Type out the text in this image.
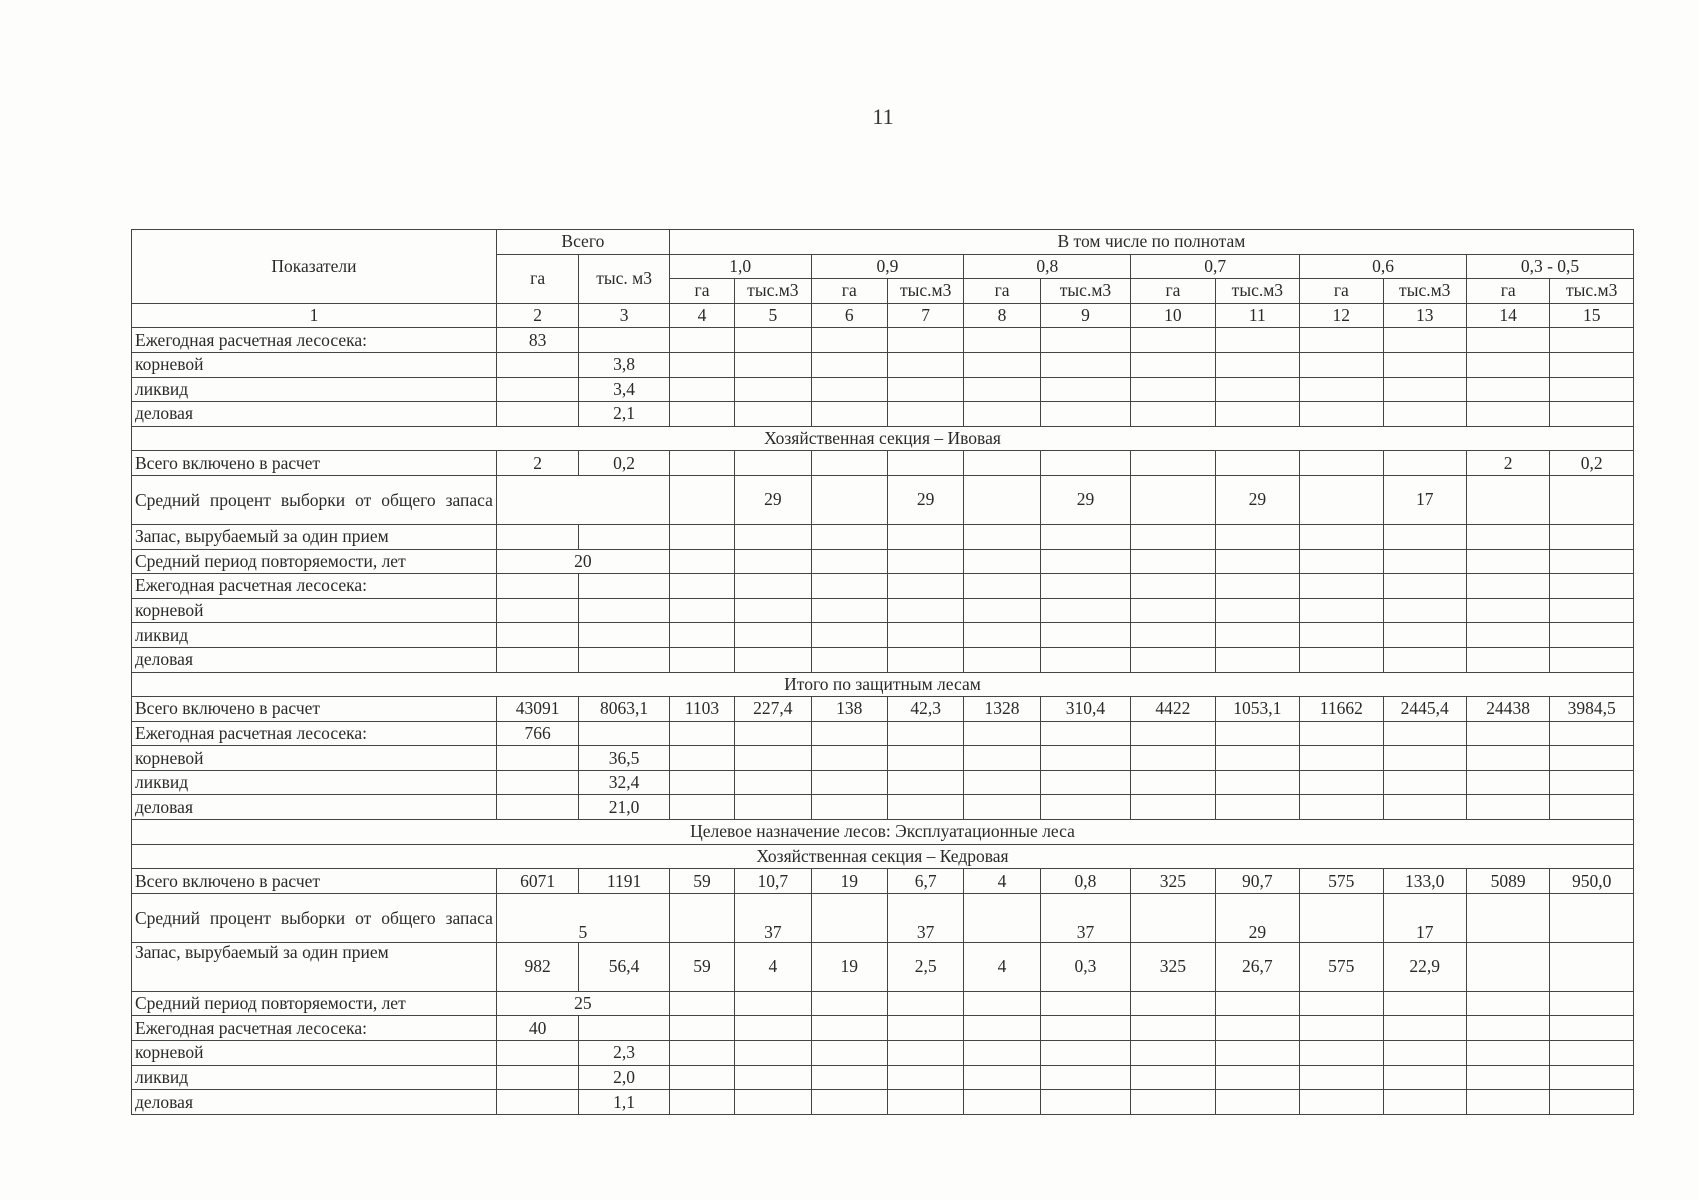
11
Показатели	Всего		В том числе по полнотам											
	га	тыс. м3	1,0		0,9		0,8		0,7		0,6		0,3 - 0,5	
			га	тыс.м3	га	тыс.м3	га	тыс.м3	га	тыс.м3	га	тыс.м3	га	тыс.м3
1	2	3	4	5	6	7	8	9	10	11	12	13	14	15
Ежегодная расчетная лесосека:	83													
корневой		3,8												
ликвид		3,4												
деловая		2,1												
Хозяйственная секция – Ивовая														
Всего включено в расчет	2	0,2											2	0,2
Средний процент выборки от общего запаса				29		29		29		29		17		
Запас, вырубаемый за один прием														
Средний период повторяемости, лет	20													
Ежегодная расчетная лесосека:														
корневой														
ликвид														
деловая														
Итого по защитным лесам														
Всего включено в расчет	43091	8063,1	1103	227,4	138	42,3	1328	310,4	4422	1053,1	11662	2445,4	24438	3984,5
Ежегодная расчетная лесосека:	766													
корневой		36,5												
ликвид		32,4												
деловая		21,0												
Целевое назначение лесов: Эксплуатационные леса														
Хозяйственная секция – Кедровая														
Всего включено в расчет	6071	1191	59	10,7	19	6,7	4	0,8	325	90,7	575	133,0	5089	950,0
Средний процент выборки от общего запаса	5			37		37		37		29		17		
Запас, вырубаемый за один прием	982	56,4	59	4	19	2,5	4	0,3	325	26,7	575	22,9		
Средний период повторяемости, лет	25													
Ежегодная расчетная лесосека:	40													
корневой		2,3												
ликвид		2,0												
деловая		1,1												
